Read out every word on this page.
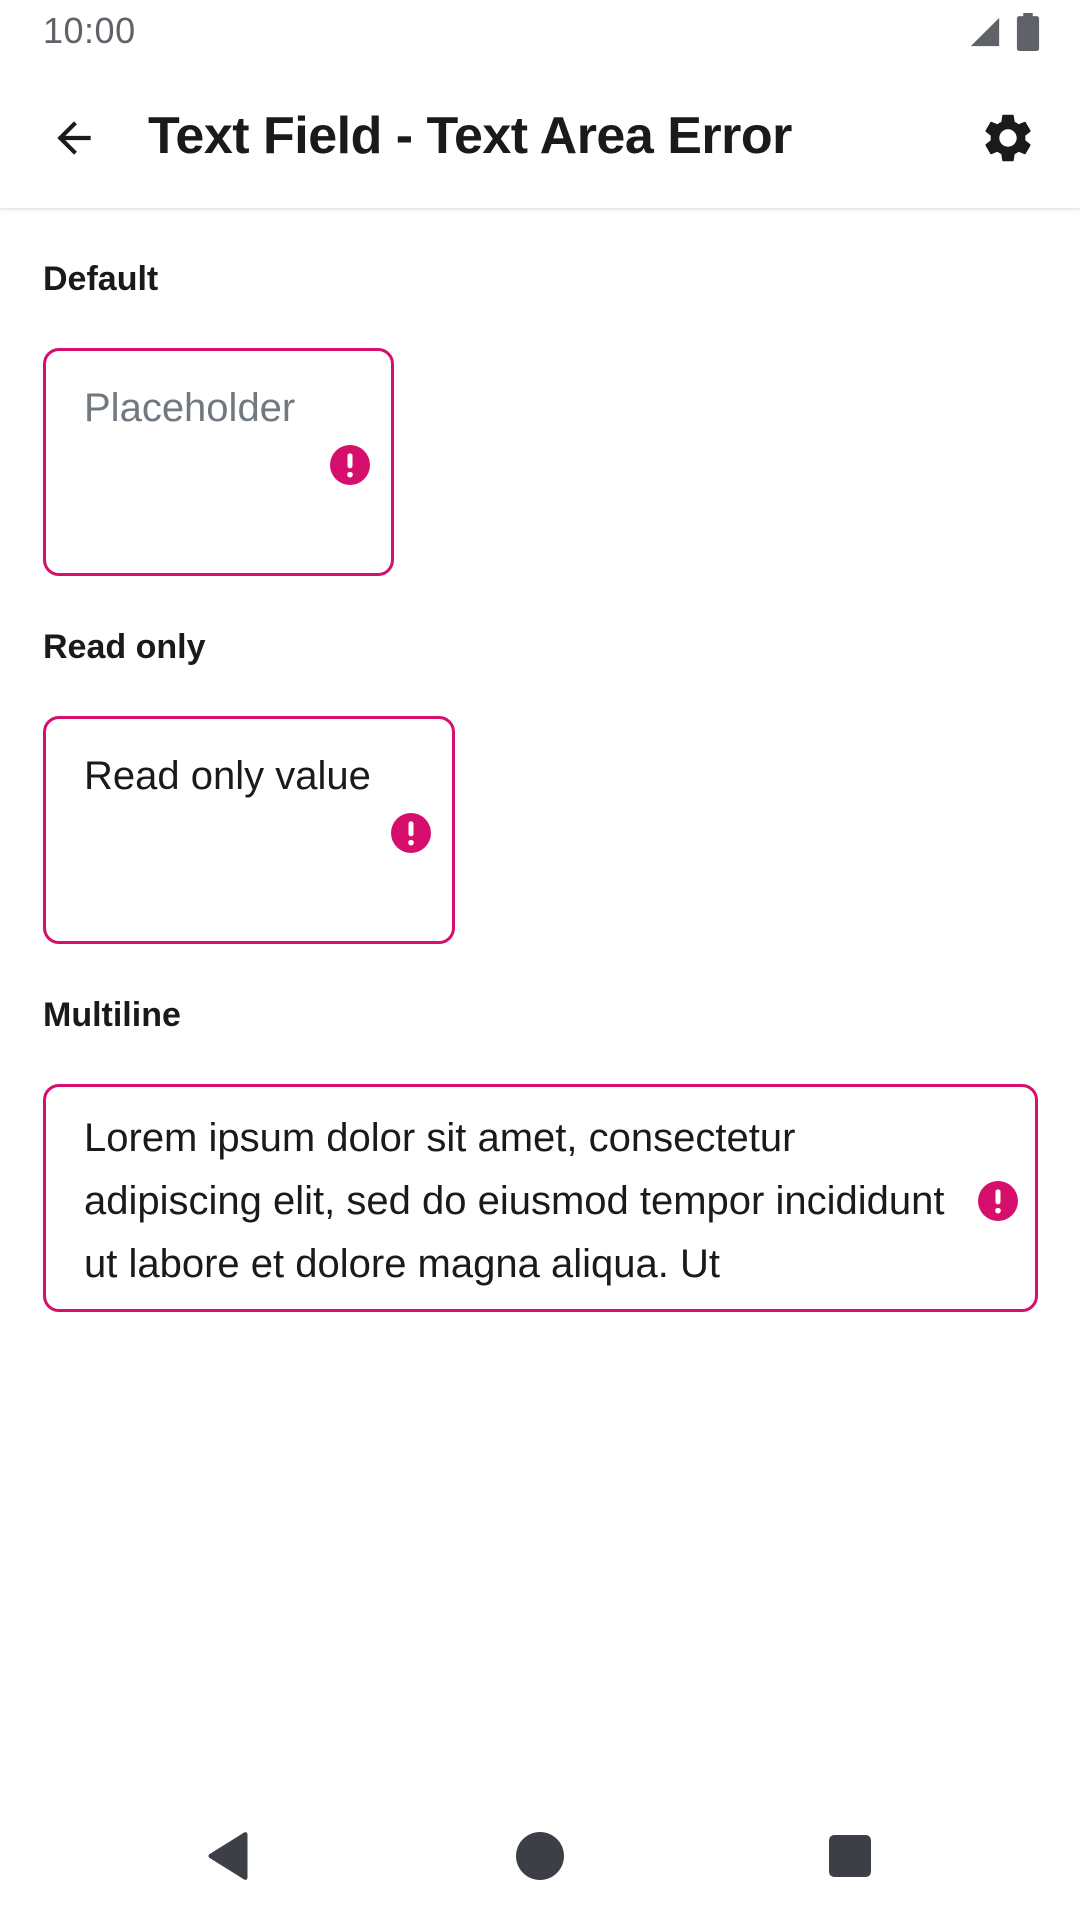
10:00
Text Field - Text Area Error
Default
Placeholder
Read only
Read only value
Multiline
Lorem ipsum dolor sit amet, consectetur adipiscing elit, sed do eiusmod tempor incididunt ut labore et dolore magna aliqua. Ut
